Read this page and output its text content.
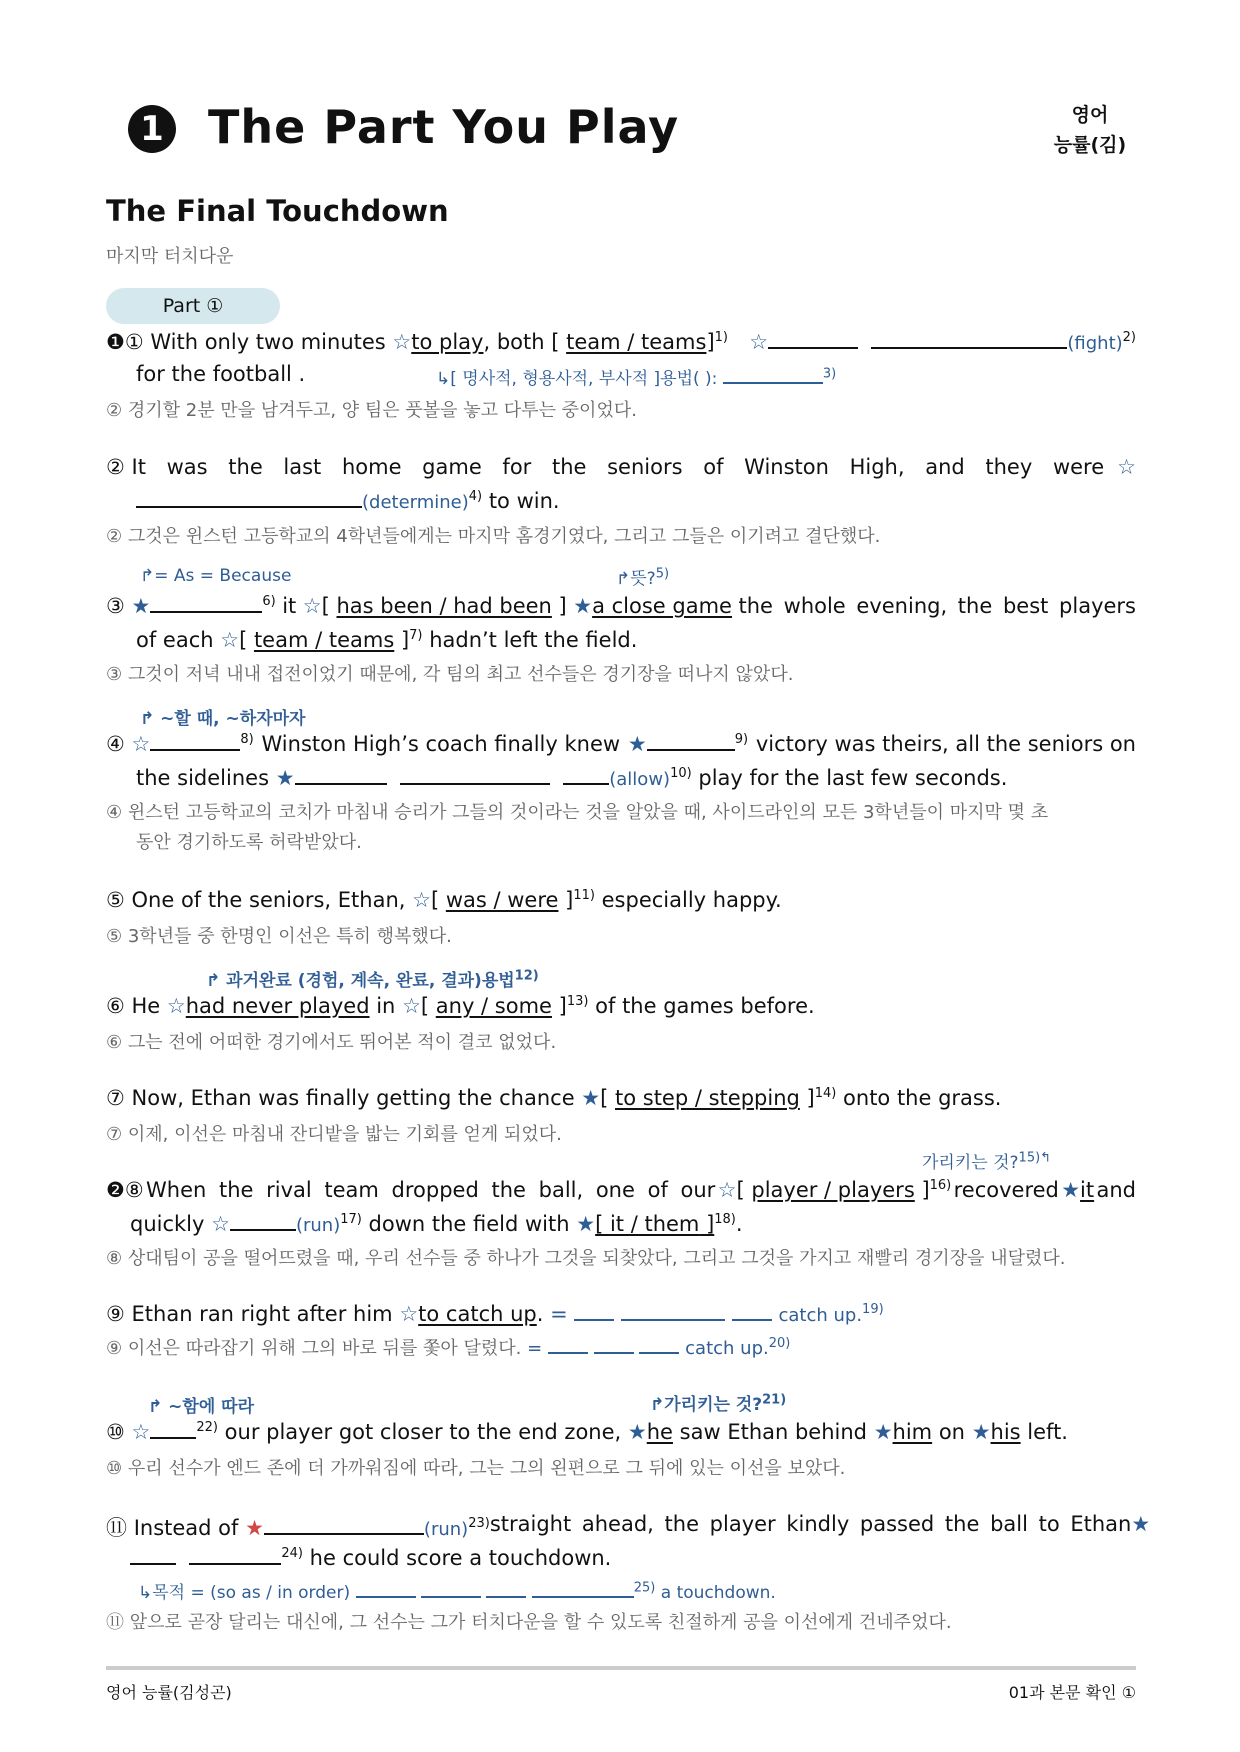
1 The Part You Play	영어
능률(김)
The Final Touchdown
마지막 터치다운
Part ①
❶① With only two minutes ☆to play, both [ team / teams]$^{1)}$ ☆	(fight)$^{2)}$
for the football .	↳[ 명사적, 형용사적, 부사적 ]용법( ):	$^{3)}$
② 경기할 2분 만을 남겨두고, 양 팀은 풋볼을 놓고 다투는 중이었다.
② It was the last home game for the seniors of Winston High, and they were ☆
(determine)$^{4)}$ to win.
② 그것은 윈스턴 고등학교의 4학년들에게는 마지막 홈경기였다, 그리고 그들은 이기려고 결단했다.
↱= As = Because	↱뜻?$^{5)}$
③ ★	$^{6)}$ it ☆[ has been / had been ] ★a close game the whole evening, the best players
of each ☆[ team / teams ]$^{7)}$ hadn’t left the field.
③ 그것이 저녁 내내 접전이었기 때문에, 각 팀의 최고 선수들은 경기장을 떠나지 않았다.
↱ ~할 때, ~하자마자
④ ☆	$^{8)}$ Winston High’s coach finally knew ★	$^{9)}$ victory was theirs, all the seniors on
the sidelines ★	(allow)$^{10)}$ play for the last few seconds.
④ 윈스턴 고등학교의 코치가 마침내 승리가 그들의 것이라는 것을 알았을 때, 사이드라인의 모든 3학년들이 마지막 몇 초
동안 경기하도록 허락받았다.
⑤ One of the seniors, Ethan, ☆[ was / were ]$^{11)}$ especially happy.
⑤ 3학년들 중 한명인 이선은 특히 행복했다.
↱ 과거완료 (경험, 계속, 완료, 결과)용법$^{12)}$
⑥ He ☆had never played in ☆[ any / some ]$^{13)}$ of the games before.
⑥ 그는 전에 어떠한 경기에서도 뛰어본 적이 결코 없었다.
⑦ Now, Ethan was finally getting the chance ★[ to step / stepping ]$^{14)}$ onto the grass.
⑦ 이제, 이선은 마침내 잔디밭을 밟는 기회를 얻게 되었다.
가리키는 것?$^{15)↰}$
❷⑧ When the rival team dropped the ball, one of our ☆[ player / players ]$^{16)}$ recovered ★it and
quickly ☆	(run)$^{17)}$ down the field with ★[ it / them ]$^{18)}$.
⑧ 상대팀이 공을 떨어뜨렸을 때, 우리 선수들 중 하나가 그것을 되찾았다, 그리고 그것을 가지고 재빨리 경기장을 내달렸다.
⑨ Ethan ran right after him ☆to catch up. =	catch up.$^{19)}$
⑨ 이선은 따라잡기 위해 그의 바로 뒤를 쫓아 달렸다. =	catch up.$^{20)}$
↱ ~함에 따라	↱가리키는 것?$^{21)}$
⑩ ☆	$^{22)}$ our player got closer to the end zone, ★he saw Ethan behind ★him on ★his left.
⑩ 우리 선수가 엔드 존에 더 가까워짐에 따라, 그는 그의 왼편으로 그 뒤에 있는 이선을 보았다.
⑪ Instead of ★	(run)$^{23)}$ straight ahead, the player kindly passed the ball to Ethan ★
$^{24)}$ he could score a touchdown.
↳목적 = (so as / in order)	$^{25)}$ a touchdown.
⑪ 앞으로 곧장 달리는 대신에, 그 선수는 그가 터치다운을 할 수 있도록 친절하게 공을 이선에게 건네주었다.
영어 능률(김성곤)	01과 본문 확인 ①
